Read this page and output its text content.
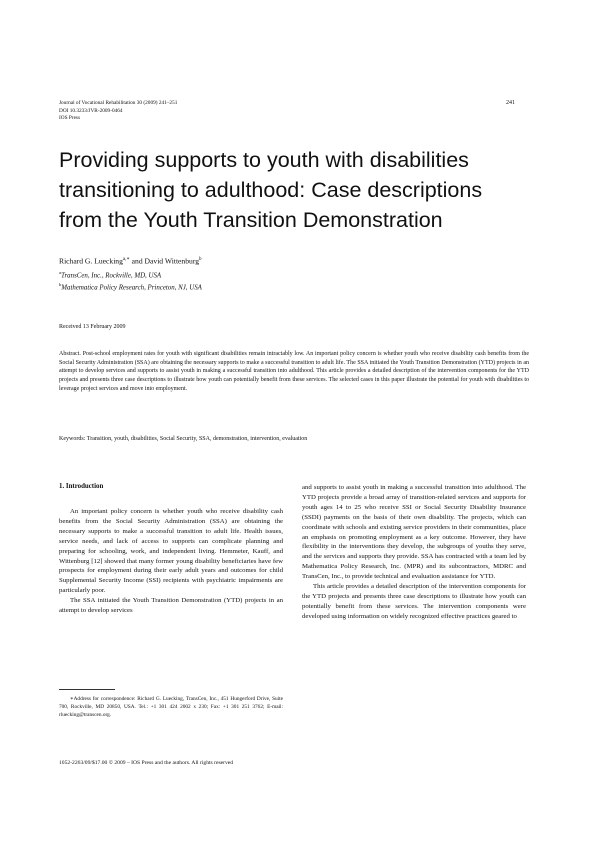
Journal of Vocational Rehabilitation 30 (2009) 241–251
DOI 10.3233/JVR-2009-0464
IOS Press
241
Providing supports to youth with disabilities
transitioning to adulthood: Case descriptions
from the Youth Transition Demonstration
Richard G. Luecking$^{a,∗}$ and David Wittenburg$^b$
$^a$TransCen, Inc., Rockville, MD, USA
$^b$Mathematica Policy Research, Princeton, NJ, USA
Received 13 February 2009
Abstract. Post-school employment rates for youth with significant disabilities remain intractably low. An important policy concern is whether youth who receive disability cash benefits from the Social Security Administration (SSA) are obtaining the necessary supports to make a successful transition to adult life. The SSA initiated the Youth Transition Demonstration (YTD) projects in an attempt to develop services and supports to assist youth in making a successful transition into adulthood. This article provides a detailed description of the intervention components for the YTD projects and presents three case descriptions to illustrate how youth can potentially benefit from these services. The selected cases in this paper illustrate the potential for youth with disabilities to leverage project services and move into employment.
Keywords: Transition, youth, disabilities, Social Security, SSA, demonstration, intervention, evaluation
1. Introduction

An important policy concern is whether youth who receive disability cash benefits from the Social Security Administration (SSA) are obtaining the necessary supports to make a successful transition to adult life. Health issues, service needs, and lack of access to supports can complicate planning and preparing for schooling, work, and independent living. Hemmeter, Kauff, and Wittenburg [12] showed that many former young disability beneficiaries have few prospects for employment during their early adult years and outcomes for child Supplemental Security Income (SSI) recipients with psychiatric impairments are particularly poor.

The SSA initiated the Youth Transition Demonstration (YTD) projects in an attempt to develop services

and supports to assist youth in making a successful transition into adulthood. The YTD projects provide a broad array of transition-related services and supports for youth ages 14 to 25 who receive SSI or Social Security Disability Insurance (SSDI) payments on the basis of their own disability. The projects, which can coordinate with schools and existing service providers in their communities, place an emphasis on promoting employment as a key outcome. However, they have flexibility in the interventions they develop, the subgroups of youths they serve, and the services and supports they provide. SSA has contracted with a team led by Mathematica Policy Research, Inc. (MPR) and its subcontractors, MDRC and TransCen, Inc., to provide technical and evaluation assistance for YTD.

This article provides a detailed description of the intervention components for the YTD projects and presents three case descriptions to illustrate how youth can potentially benefit from these services. The intervention components were developed using information on widely recognized effective practices geared to

∗Address for correspondence: Richard G. Luecking, TransCen, Inc., 451 Hungerford Drive, Suite 700, Rockville, MD 20850, USA. Tel.: +1 301 424 2002 x 230; Fax: +1 301 251 3762; E-mail: rluecking@transcen.org.
1052-2263/09/$17.00 © 2009 – IOS Press and the authors. All rights reserved
